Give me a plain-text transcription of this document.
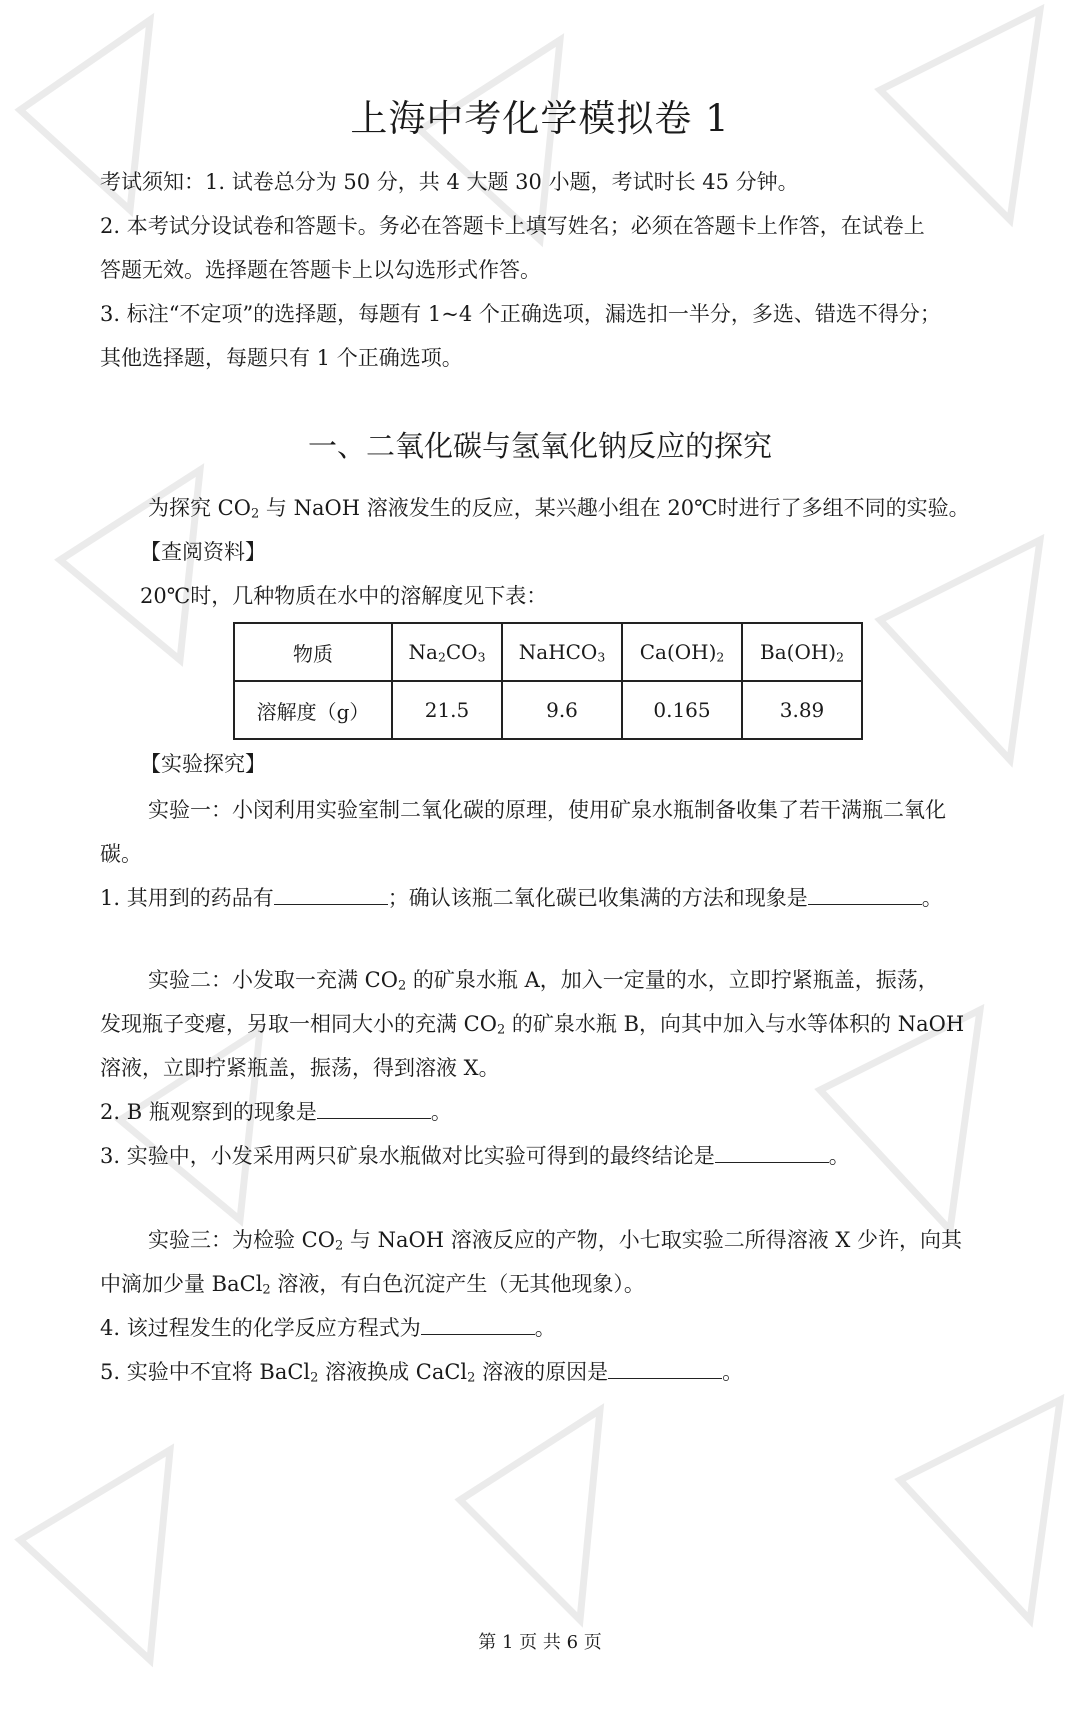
上海中考化学模拟卷 1
考试须知：1. 试卷总分为 50 分，共 4 大题 30 小题，考试时长 45 分钟。
2. 本考试分设试卷和答题卡。务必在答题卡上填写姓名；必须在答题卡上作答，在试卷上
答题无效。选择题在答题卡上以勾选形式作答。
3. 标注“不定项”的选择题，每题有 1~4 个正确选项，漏选扣一半分，多选、错选不得分；
其他选择题，每题只有 1 个正确选项。
一、二氧化碳与氢氧化钠反应的探究
为探究 $CO_2$ 与 NaOH 溶液发生的反应，某兴趣小组在 20℃时进行了多组不同的实验。
【查阅资料】
20℃时，几种物质在水中的溶解度见下表：
物质	$Na_2CO_3$	NaHCO$_3$	$Ca(OH)_2$	$Ba(OH)_2$
溶解度（g）	21.5	9.6	0.165	3.89
【实验探究】
实验一：小闵利用实验室制二氧化碳的原理，使用矿泉水瓶制备收集了若干满瓶二氧化
碳。
1. 其用到的药品有	；确认该瓶二氧化碳已收集满的方法和现象是	。
实验二：小发取一充满 $CO_2$ 的矿泉水瓶 A，加入一定量的水，立即拧紧瓶盖，振荡，
发现瓶子变瘪，另取一相同大小的充满 $CO_2$ 的矿泉水瓶 B，向其中加入与水等体积的 NaOH
溶液，立即拧紧瓶盖，振荡，得到溶液 X。
2. B 瓶观察到的现象是	。
3. 实验中，小发采用两只矿泉水瓶做对比实验可得到的最终结论是	。
实验三：为检验 $CO_2$ 与 NaOH 溶液反应的产物，小七取实验二所得溶液 X 少许，向其
中滴加少量 BaCl$_2$ 溶液，有白色沉淀产生（无其他现象）。
4. 该过程发生的化学反应方程式为	。
5. 实验中不宜将 BaCl$_2$ 溶液换成 CaCl$_2$ 溶液的原因是	。
第 1 页 共 6 页
